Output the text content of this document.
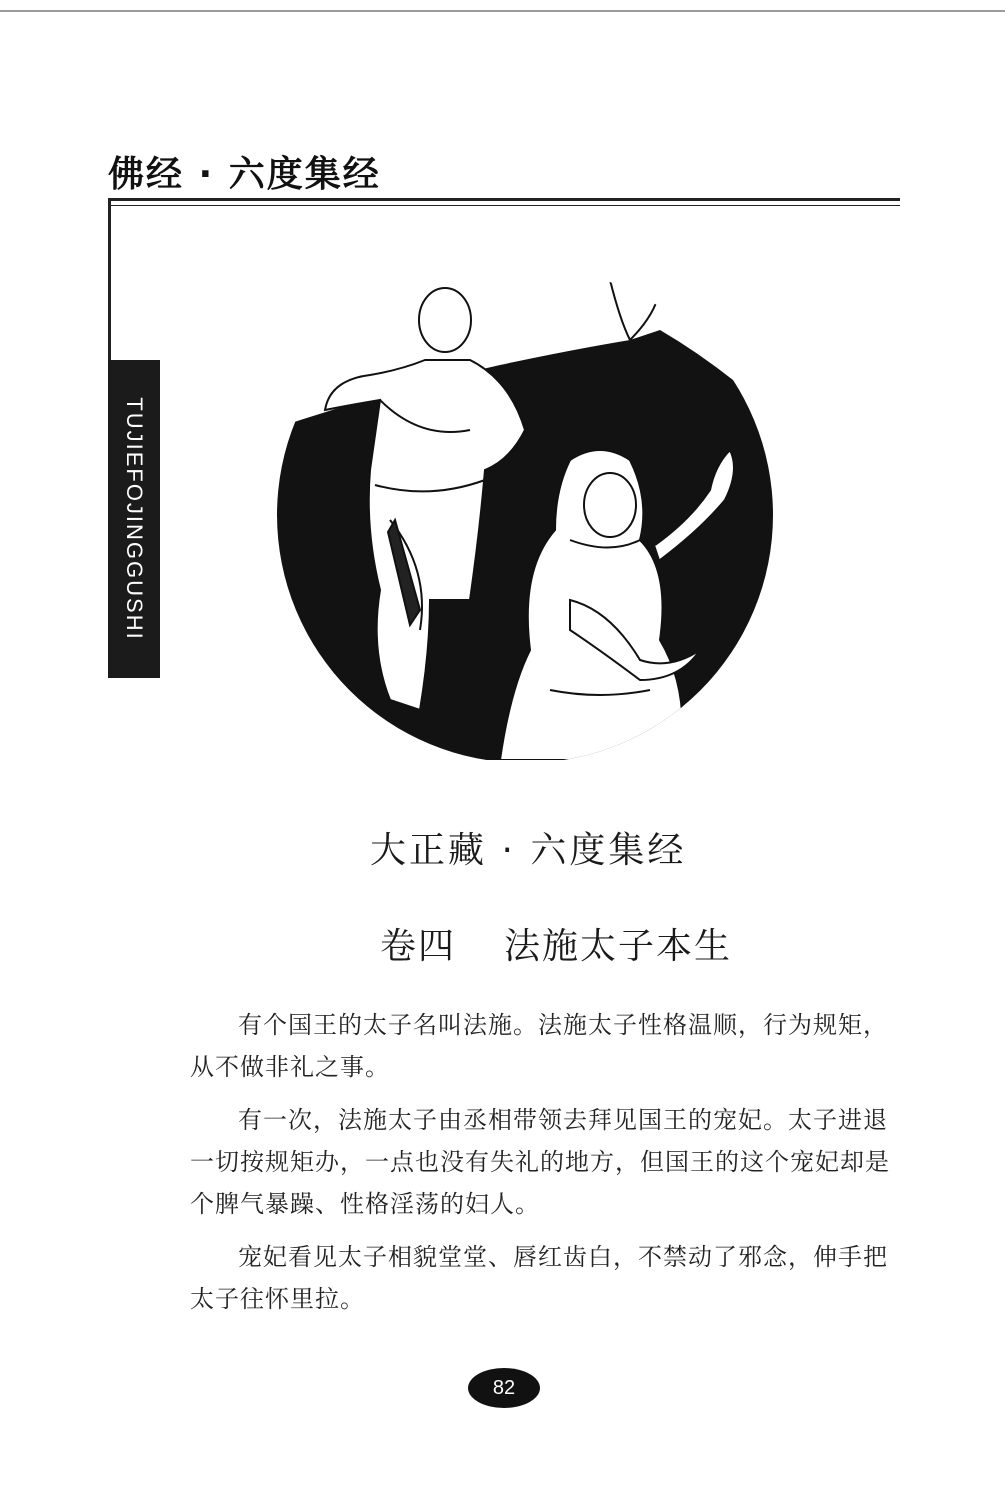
佛经 · 六度集经
TUJIEFOJINGGUSHI
大正藏 · 六度集经
卷四 法施太子本生

有个国王的太子名叫法施。法施太子性格温顺，行为规矩，从不做非礼之事。

有一次，法施太子由丞相带领去拜见国王的宠妃。太子进退一切按规矩办，一点也没有失礼的地方，但国王的这个宠妃却是个脾气暴躁、性格淫荡的妇人。

宠妃看见太子相貌堂堂、唇红齿白，不禁动了邪念，伸手把太子往怀里拉。

82
